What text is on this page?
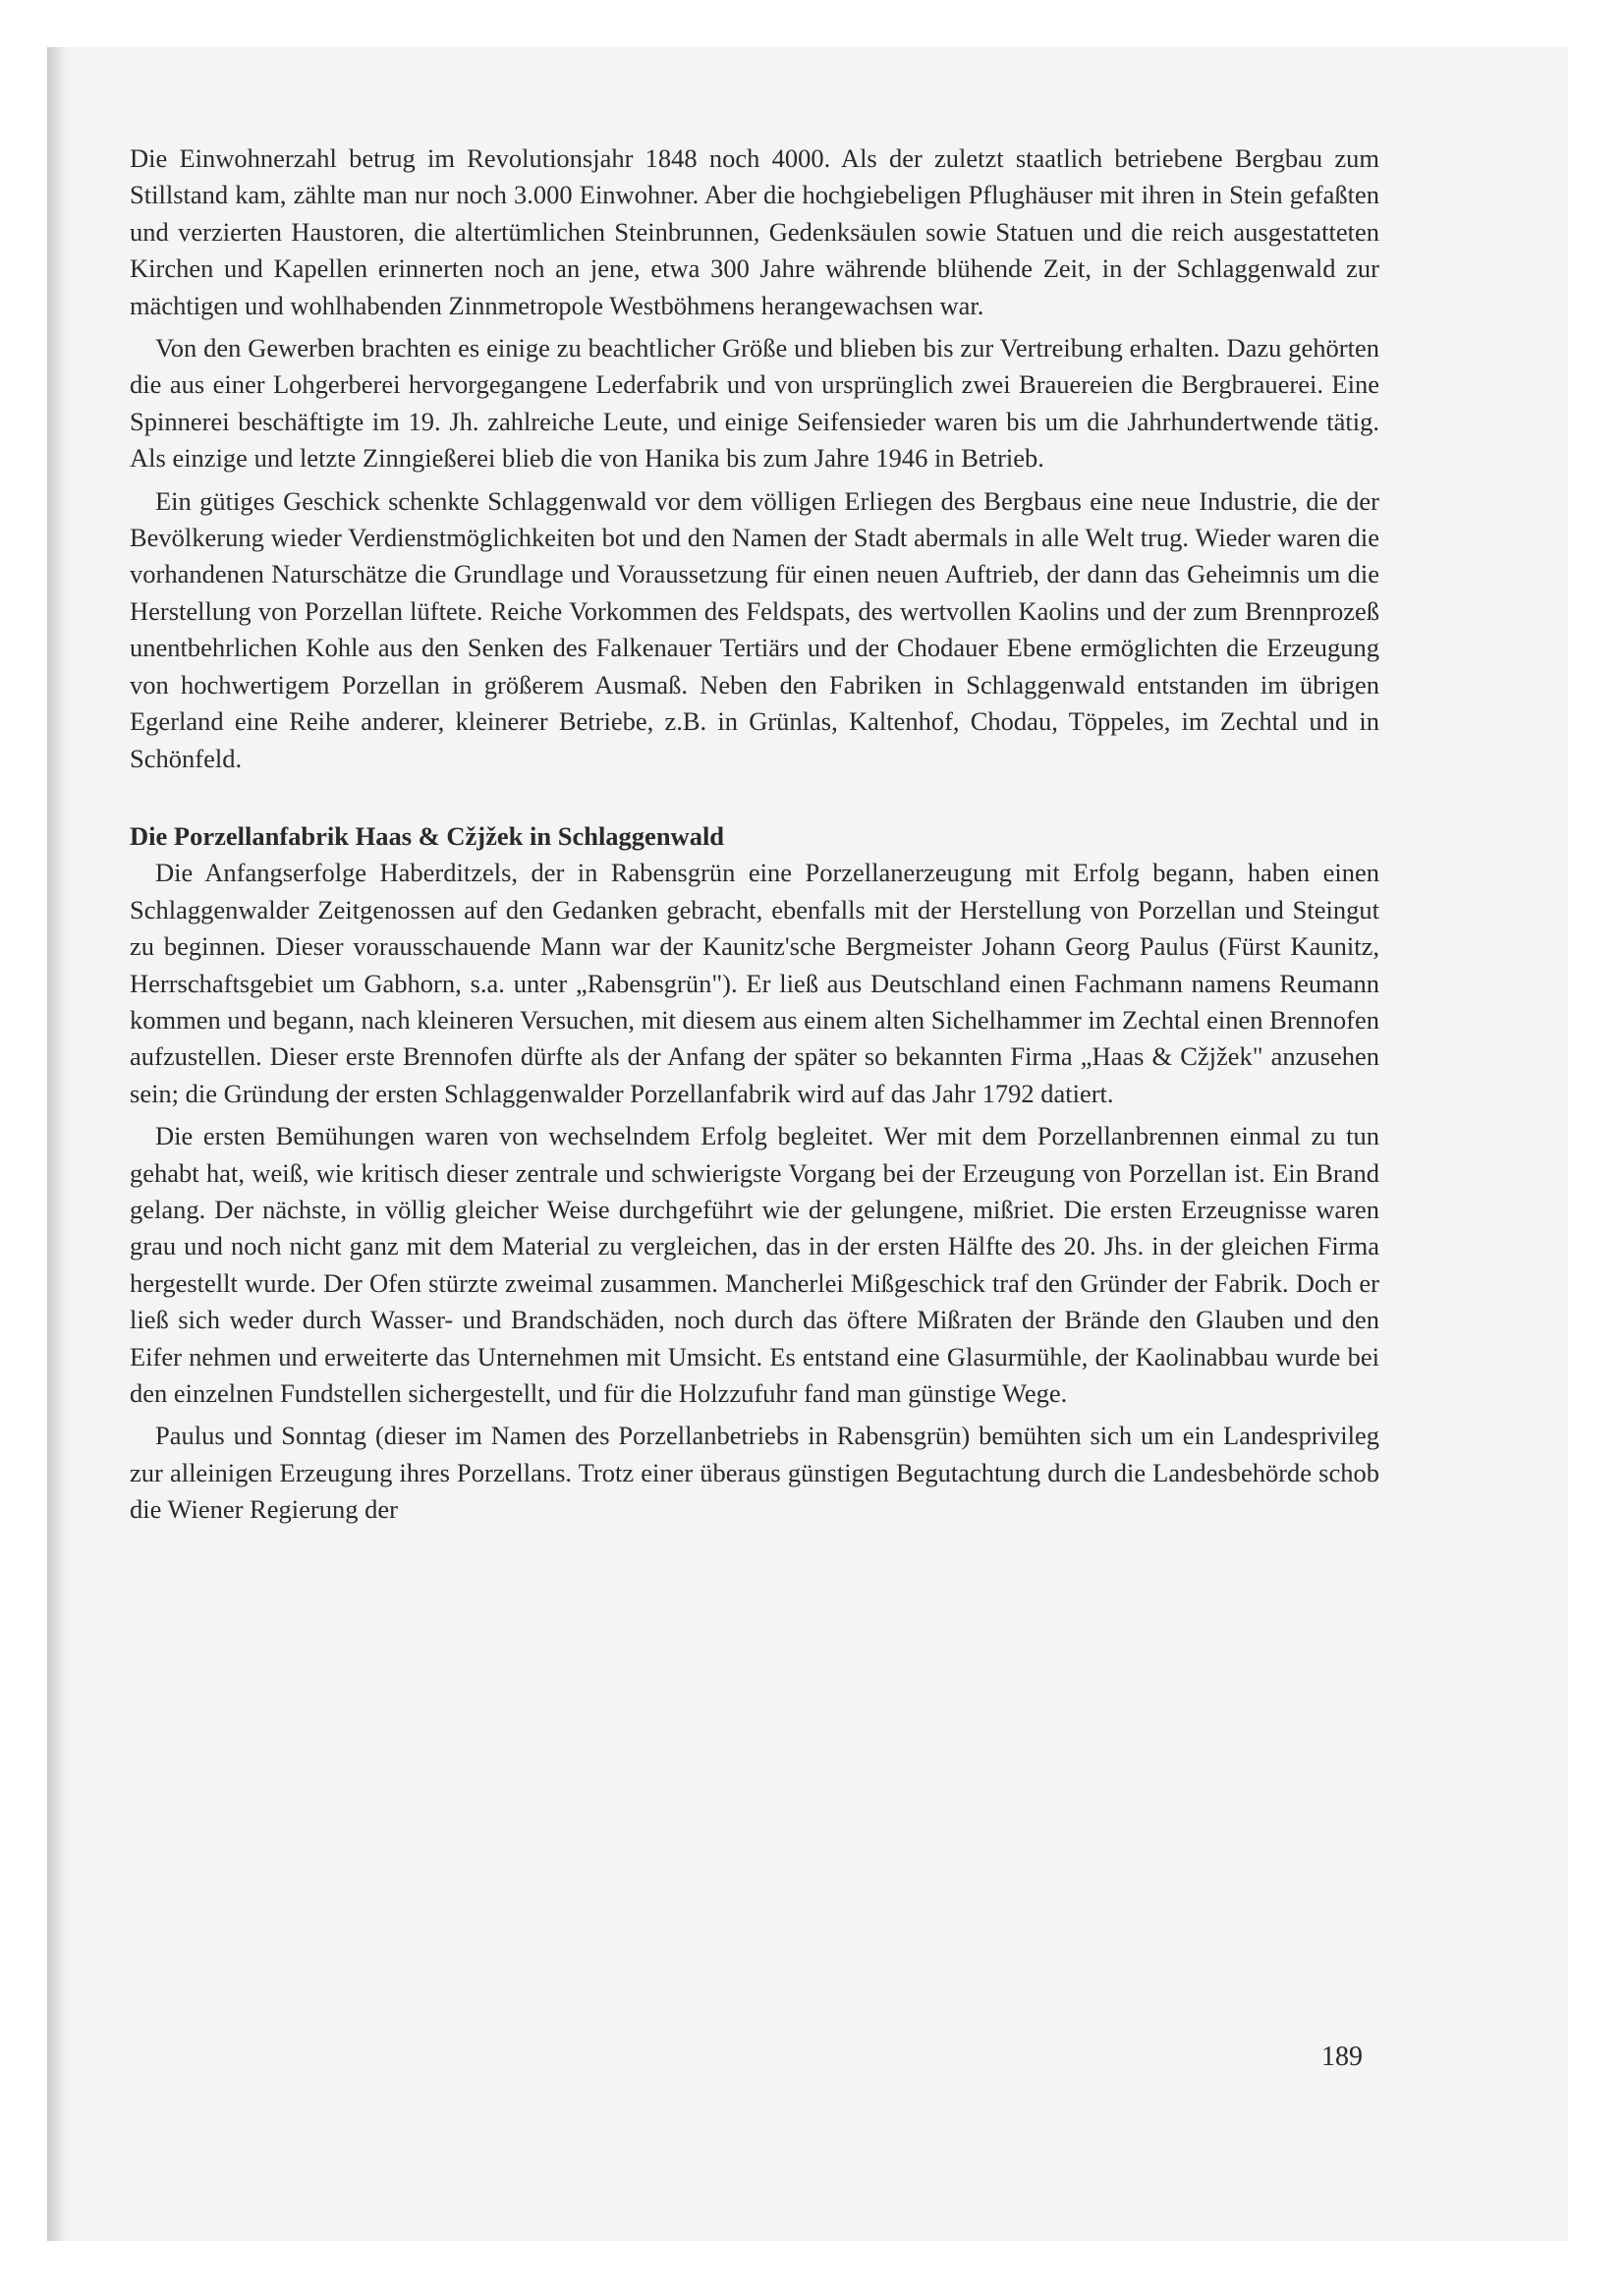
Die Einwohnerzahl betrug im Revolutionsjahr 1848 noch 4000. Als der zuletzt staatlich betriebene Bergbau zum Stillstand kam, zählte man nur noch 3.000 Einwohner. Aber die hochgiebeligen Pflughäuser mit ihren in Stein gefaßten und verzierten Haustoren, die altertümlichen Steinbrunnen, Gedenksäulen sowie Statuen und die reich ausgestatteten Kirchen und Kapellen erinnerten noch an jene, etwa 300 Jahre währende blühende Zeit, in der Schlaggenwald zur mächtigen und wohlhabenden Zinnmetropole Westböhmens herangewachsen war.

Von den Gewerben brachten es einige zu beachtlicher Größe und blieben bis zur Vertreibung erhalten. Dazu gehörten die aus einer Lohgerberei hervorgegangene Lederfabrik und von ursprünglich zwei Brauereien die Bergbrauerei. Eine Spinnerei beschäftigte im 19. Jh. zahlreiche Leute, und einige Seifensieder waren bis um die Jahrhundertwende tätig. Als einzige und letzte Zinngießerei blieb die von Hanika bis zum Jahre 1946 in Betrieb.

Ein gütiges Geschick schenkte Schlaggenwald vor dem völligen Erliegen des Bergbaus eine neue Industrie, die der Bevölkerung wieder Verdienstmöglichkeiten bot und den Namen der Stadt abermals in alle Welt trug. Wieder waren die vorhandenen Naturschätze die Grundlage und Voraussetzung für einen neuen Auftrieb, der dann das Geheimnis um die Herstellung von Porzellan lüftete. Reiche Vorkommen des Feldspats, des wertvollen Kaolins und der zum Brennprozeß unentbehrlichen Kohle aus den Senken des Falkenauer Tertiärs und der Chodauer Ebene ermöglichten die Erzeugung von hochwertigem Porzellan in größerem Ausmaß. Neben den Fabriken in Schlaggenwald entstanden im übrigen Egerland eine Reihe anderer, kleinerer Betriebe, z.B. in Grünlas, Kaltenhof, Chodau, Töppeles, im Zechtal und in Schönfeld.

Die Porzellanfabrik Haas & Cžjžek in Schlaggenwald

Die Anfangserfolge Haberditzels, der in Rabensgrün eine Porzellanerzeugung mit Erfolg begann, haben einen Schlaggenwalder Zeitgenossen auf den Gedanken gebracht, ebenfalls mit der Herstellung von Porzellan und Steingut zu beginnen. Dieser vorausschauende Mann war der Kaunitz'sche Bergmeister Johann Georg Paulus (Fürst Kaunitz, Herrschaftsgebiet um Gabhorn, s.a. unter „Rabensgrün"). Er ließ aus Deutschland einen Fachmann namens Reumann kommen und begann, nach kleineren Versuchen, mit diesem aus einem alten Sichelhammer im Zechtal einen Brennofen aufzustellen. Dieser erste Brennofen dürfte als der Anfang der später so bekannten Firma „Haas & Cžjžek" anzusehen sein; die Gründung der ersten Schlaggenwalder Porzellanfabrik wird auf das Jahr 1792 datiert.

Die ersten Bemühungen waren von wechselndem Erfolg begleitet. Wer mit dem Porzellanbrennen einmal zu tun gehabt hat, weiß, wie kritisch dieser zentrale und schwierigste Vorgang bei der Erzeugung von Porzellan ist. Ein Brand gelang. Der nächste, in völlig gleicher Weise durchgeführt wie der gelungene, mißriet. Die ersten Erzeugnisse waren grau und noch nicht ganz mit dem Material zu vergleichen, das in der ersten Hälfte des 20. Jhs. in der gleichen Firma hergestellt wurde. Der Ofen stürzte zweimal zusammen. Mancherlei Mißgeschick traf den Gründer der Fabrik. Doch er ließ sich weder durch Wasser- und Brandschäden, noch durch das öftere Mißraten der Brände den Glauben und den Eifer nehmen und erweiterte das Unternehmen mit Umsicht. Es entstand eine Glasurmühle, der Kaolinabbau wurde bei den einzelnen Fundstellen sichergestellt, und für die Holzzufuhr fand man günstige Wege.

Paulus und Sonntag (dieser im Namen des Porzellanbetriebs in Rabensgrün) bemühten sich um ein Landesprivileg zur alleinigen Erzeugung ihres Porzellans. Trotz einer überaus günstigen Begutachtung durch die Landesbehörde schob die Wiener Regierung der

189
